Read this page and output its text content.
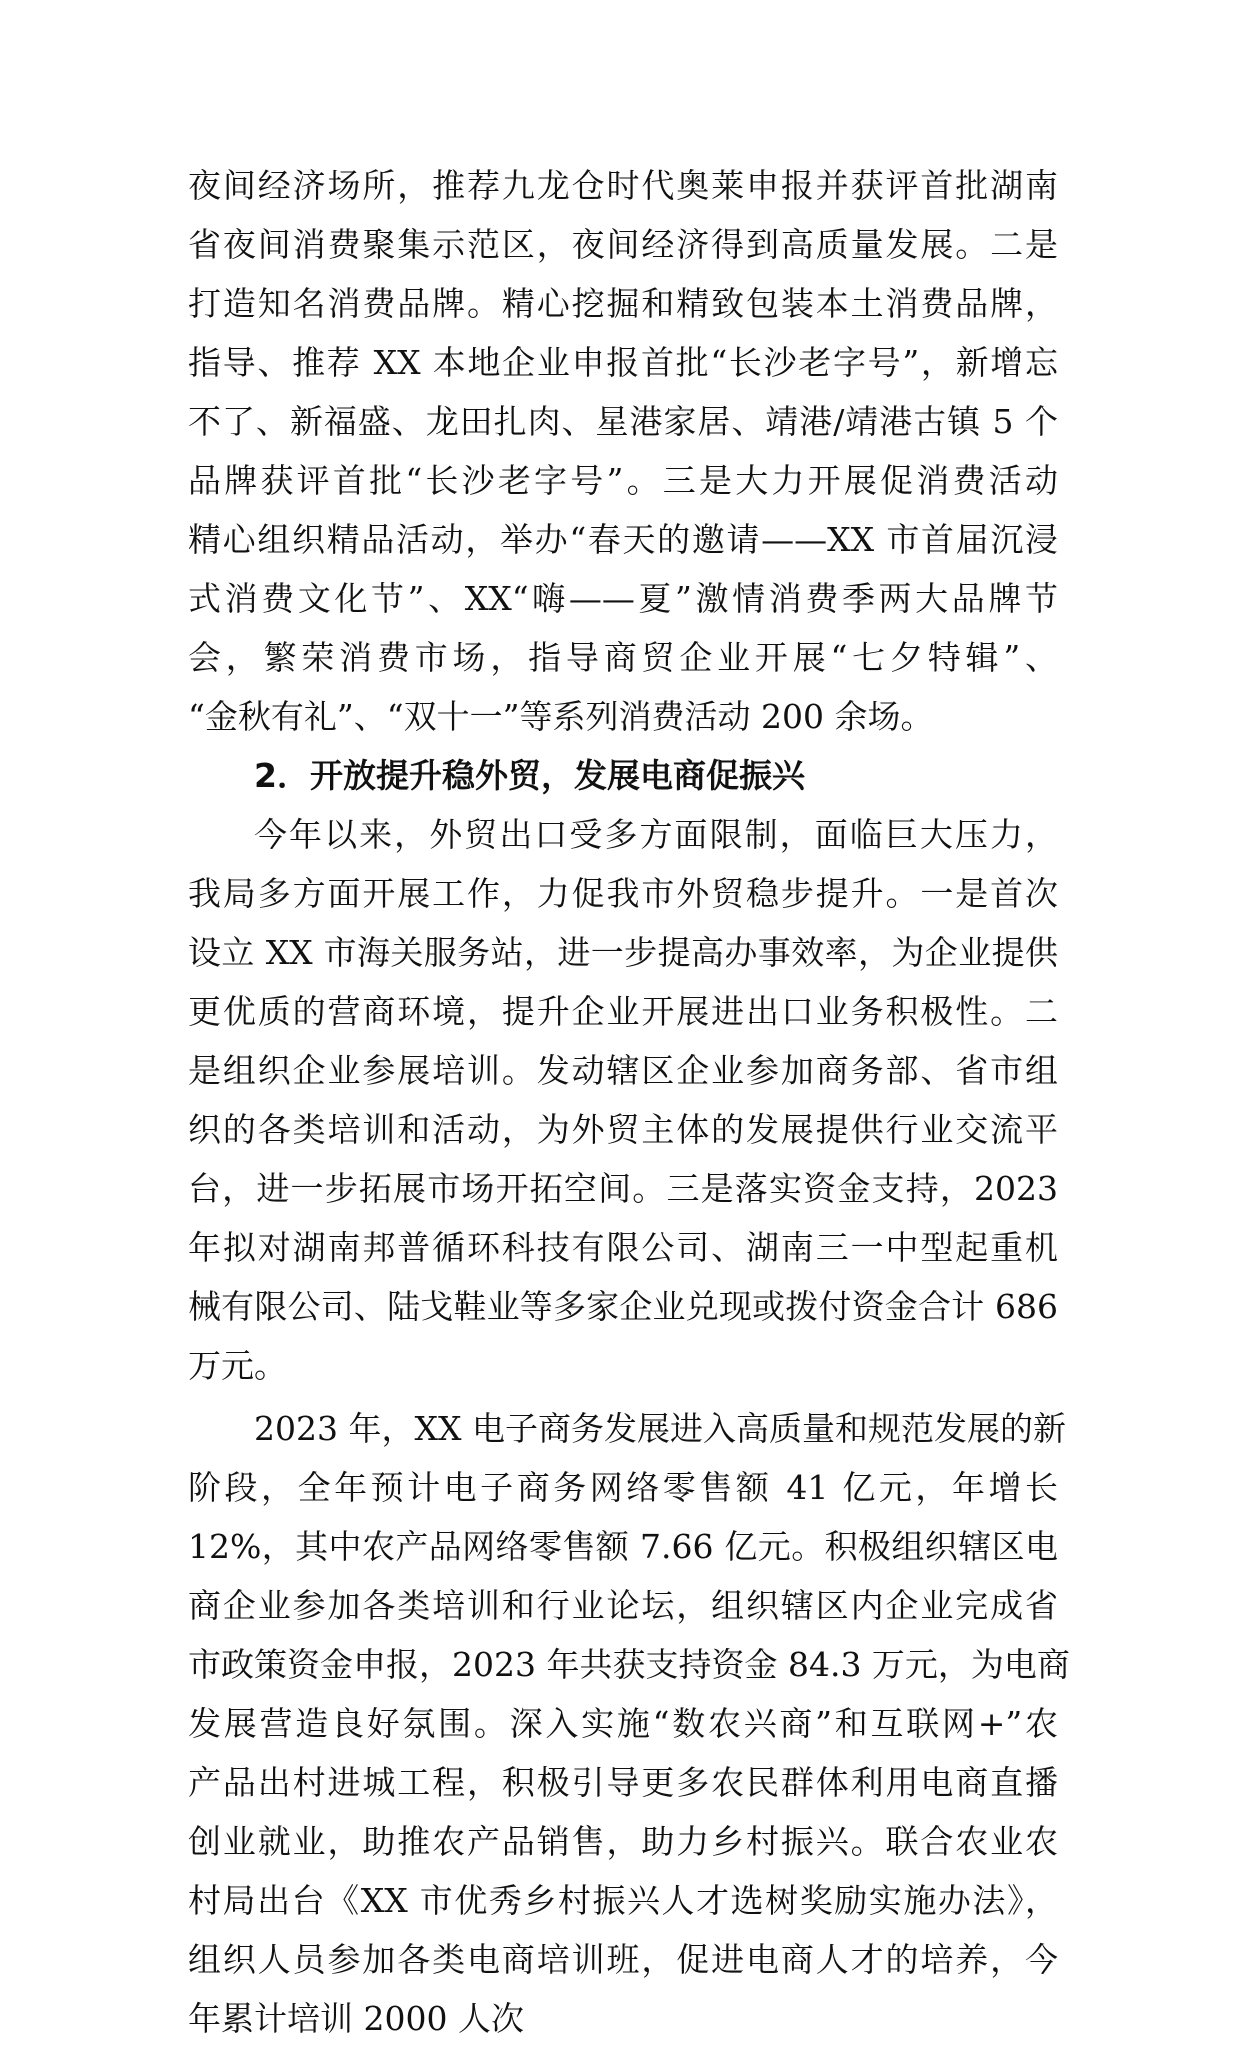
夜间经济场所，推荐九龙仓时代奥莱申报并获评首批湖南
省夜间消费聚集示范区，夜间经济得到高质量发展。二是
打造知名消费品牌。精心挖掘和精致包装本土消费品牌，
指导、推荐 XX 本地企业申报首批“长沙老字号”，新增忘
不了、新福盛、龙田扎肉、星港家居、靖港/靖港古镇 5 个
品牌获评首批“长沙老字号”。三是大力开展促消费活动
精心组织精品活动，举办“春天的邀请——XX 市首届沉浸
式消费文化节”、XX“嗨——夏”激情消费季两大品牌节
会，繁荣消费市场，指导商贸企业开展“七夕特辑”、
“金秋有礼”、“双十一”等系列消费活动 200 余场。
2．开放提升稳外贸，发展电商促振兴
今年以来，外贸出口受多方面限制，面临巨大压力，
我局多方面开展工作，力促我市外贸稳步提升。一是首次
设立 XX 市海关服务站，进一步提高办事效率，为企业提供
更优质的营商环境，提升企业开展进出口业务积极性。二
是组织企业参展培训。发动辖区企业参加商务部、省市组
织的各类培训和活动，为外贸主体的发展提供行业交流平
台，进一步拓展市场开拓空间。三是落实资金支持，2023
年拟对湖南邦普循环科技有限公司、湖南三一中型起重机
械有限公司、陆戈鞋业等多家企业兑现或拨付资金合计 686
万元。
2023 年，XX 电子商务发展进入高质量和规范发展的新
阶段，全年预计电子商务网络零售额 41 亿元，年增长
12%，其中农产品网络零售额 7.66 亿元。积极组织辖区电
商企业参加各类培训和行业论坛，组织辖区内企业完成省
市政策资金申报，2023 年共获支持资金 84.3 万元，为电商
发展营造良好氛围。深入实施“数农兴商”和互联网+”农
产品出村进城工程，积极引导更多农民群体利用电商直播
创业就业，助推农产品销售，助力乡村振兴。联合农业农
村局出台《XX 市优秀乡村振兴人才选树奖励实施办法》，
组织人员参加各类电商培训班，促进电商人才的培养，今
年累计培训 2000 人次
